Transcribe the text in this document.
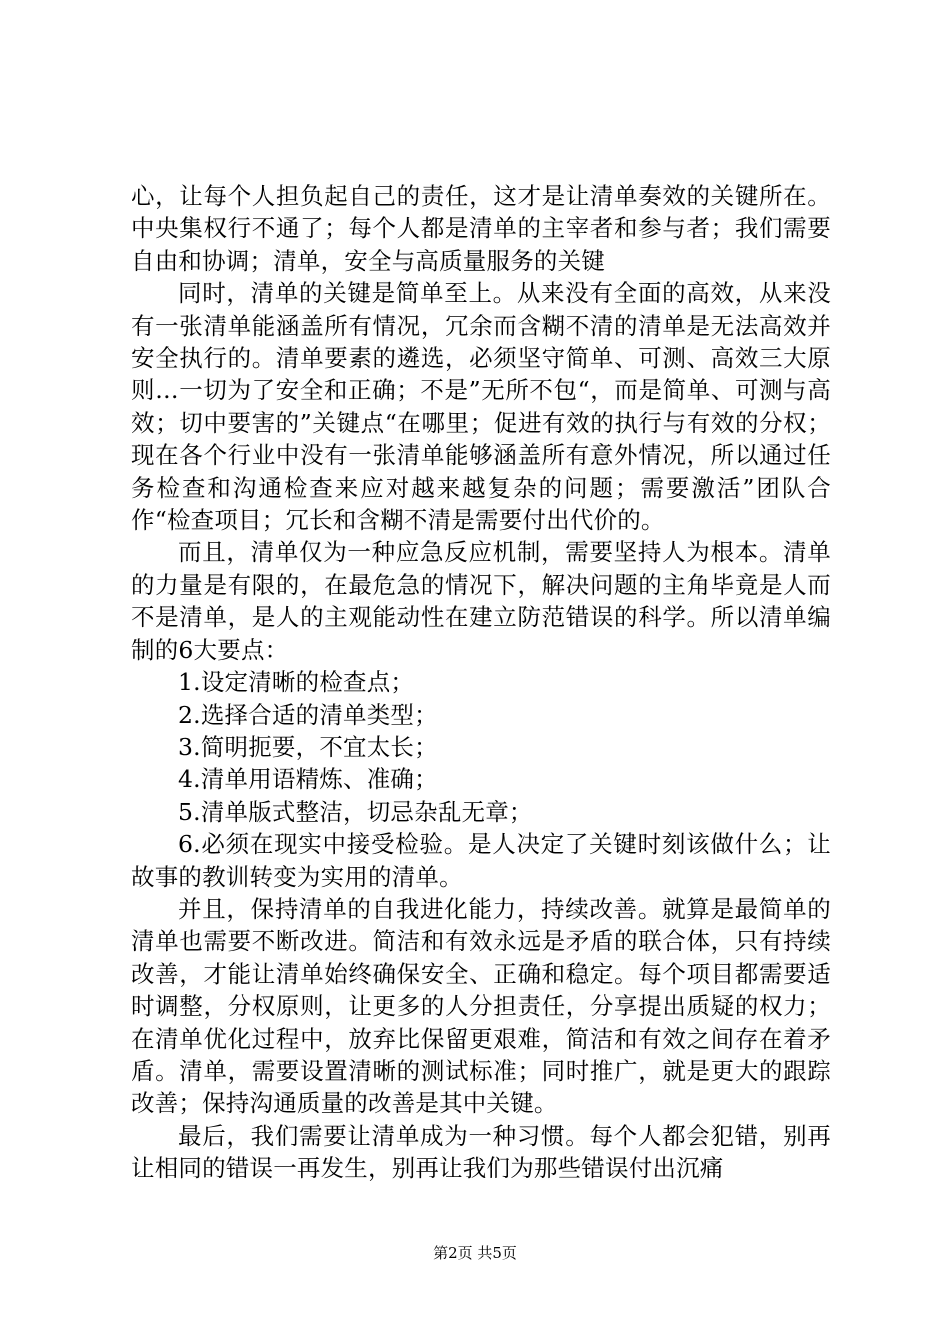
心，让每个人担负起自己的责任，这才是让清单奏效的关键所在。中央集权行不通了；每个人都是清单的主宰者和参与者；我们需要自由和协调；清单，安全与高质量服务的关键

同时，清单的关键是简单至上。从来没有全面的高效，从来没有一张清单能涵盖所有情况，冗余而含糊不清的清单是无法高效并安全执行的。清单要素的遴选，必须坚守简单、可测、高效三大原则…一切为了安全和正确；不是”无所不包“，而是简单、可测与高效；切中要害的”关键点“在哪里；促进有效的执行与有效的分权；现在各个行业中没有一张清单能够涵盖所有意外情况，所以通过任务检查和沟通检查来应对越来越复杂的问题；需要激活”团队合作“检查项目；冗长和含糊不清是需要付出代价的。

而且，清单仅为一种应急反应机制，需要坚持人为根本。清单的力量是有限的，在最危急的情况下，解决问题的主角毕竟是人而不是清单，是人的主观能动性在建立防范错误的科学。所以清单编制的6大要点：

1.设定清晰的检查点；

2.选择合适的清单类型；

3.简明扼要，不宜太长；

4.清单用语精炼、准确；

5.清单版式整洁，切忌杂乱无章；

6.必须在现实中接受检验。是人决定了关键时刻该做什么；让故事的教训转变为实用的清单。

并且，保持清单的自我进化能力，持续改善。就算是最简单的清单也需要不断改进。简洁和有效永远是矛盾的联合体，只有持续改善，才能让清单始终确保安全、正确和稳定。每个项目都需要适时调整，分权原则，让更多的人分担责任，分享提出质疑的权力；在清单优化过程中，放弃比保留更艰难，简洁和有效之间存在着矛盾。清单，需要设置清晰的测试标准；同时推广，就是更大的跟踪改善；保持沟通质量的改善是其中关键。

最后，我们需要让清单成为一种习惯。每个人都会犯错，别再让相同的错误一再发生，别再让我们为那些错误付出沉痛

第2页 共5页
